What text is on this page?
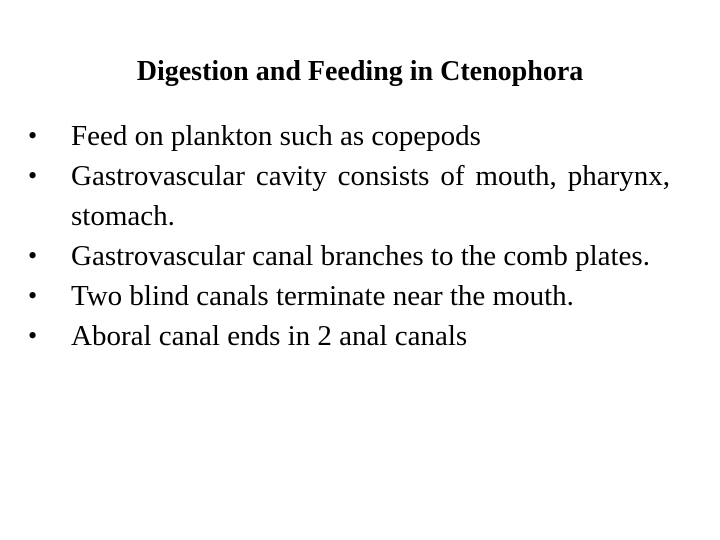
Digestion and Feeding in Ctenophora
•	Feed on plankton such as copepods
•	Gastrovascular cavity consists of mouth, pharynx, stomach.
•	Gastrovascular canal branches to the comb plates.
•	Two blind canals terminate near the mouth.
•	Aboral canal ends in 2 anal canals
